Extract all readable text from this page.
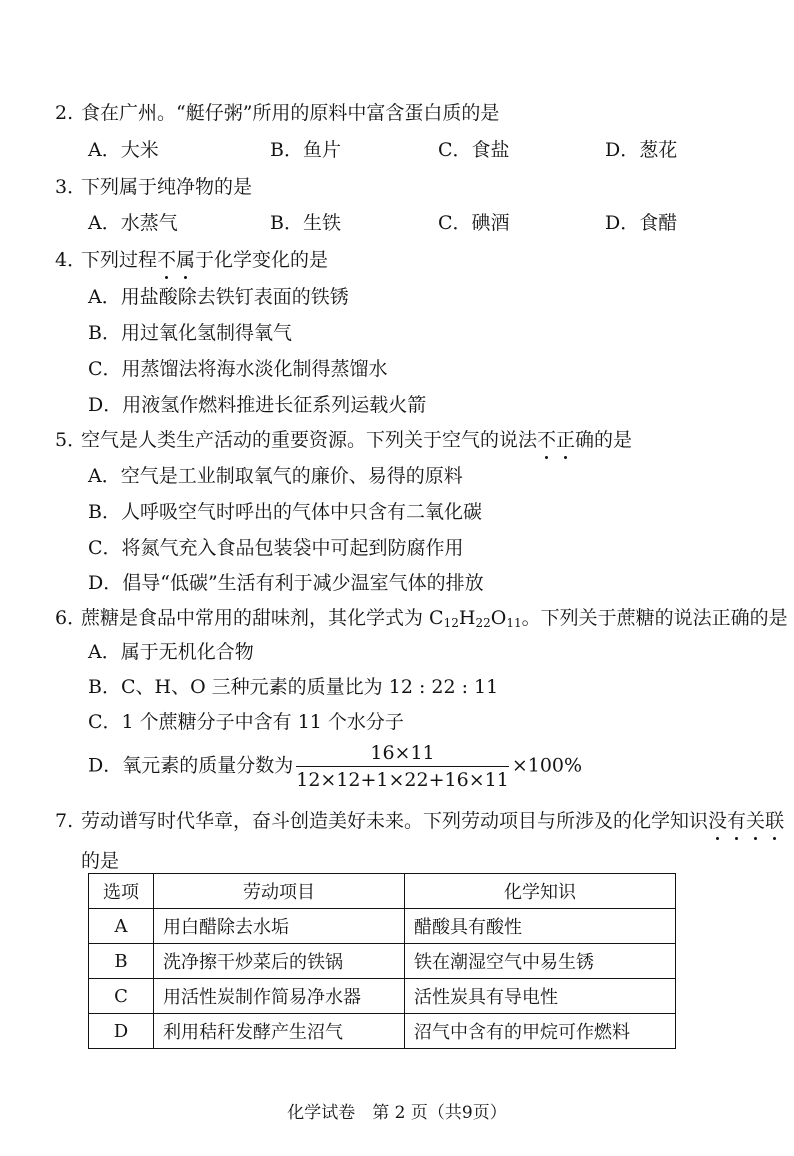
2. 食在广州。“艇仔粥”所用的原料中富含蛋白质的是
A．大米	B．鱼片	C．食盐	D．葱花
3．下列属于纯净物的是
A．水蒸气	B．生铁	C．碘酒	D．食醋
4．下列过程不属于化学变化的是
A．用盐酸除去铁钉表面的铁锈
B．用过氧化氢制得氧气
C．用蒸馏法将海水淡化制得蒸馏水
D．用液氢作燃料推进长征系列运载火箭
5．空气是人类生产活动的重要资源。下列关于空气的说法不正确的是
A．空气是工业制取氧气的廉价、易得的原料
B．人呼吸空气时呼出的气体中只含有二氧化碳
C．将氮气充入食品包装袋中可起到防腐作用
D．倡导“低碳”生活有利于减少温室气体的排放
6．蔗糖是食品中常用的甜味剂，其化学式为 $C_{12}H_{22}O_{11}$。下列关于蔗糖的说法正确的是
A．属于无机化合物
B．C、H、O 三种元素的质量比为 12 : 22 : 11
C．1 个蔗糖分子中含有 11 个水分子
D．氧元素的质量分数为 $\frac{16\times 11}{12\times 12+1\times 22+16\times 11} \times 100\%$
7. 劳动谱写时代华章，奋斗创造美好未来。下列劳动项目与所涉及的化学知识没有关联
的是
选项	劳动项目	化学知识
A	用白醋除去水垢	醋酸具有酸性
B	洗净擦干炒菜后的铁锅	铁在潮湿空气中易生锈
C	用活性炭制作简易净水器	活性炭具有导电性
D	利用秸秆发酵产生沼气	沼气中含有的甲烷可作燃料
化学试卷　第 2 页（共9页）
